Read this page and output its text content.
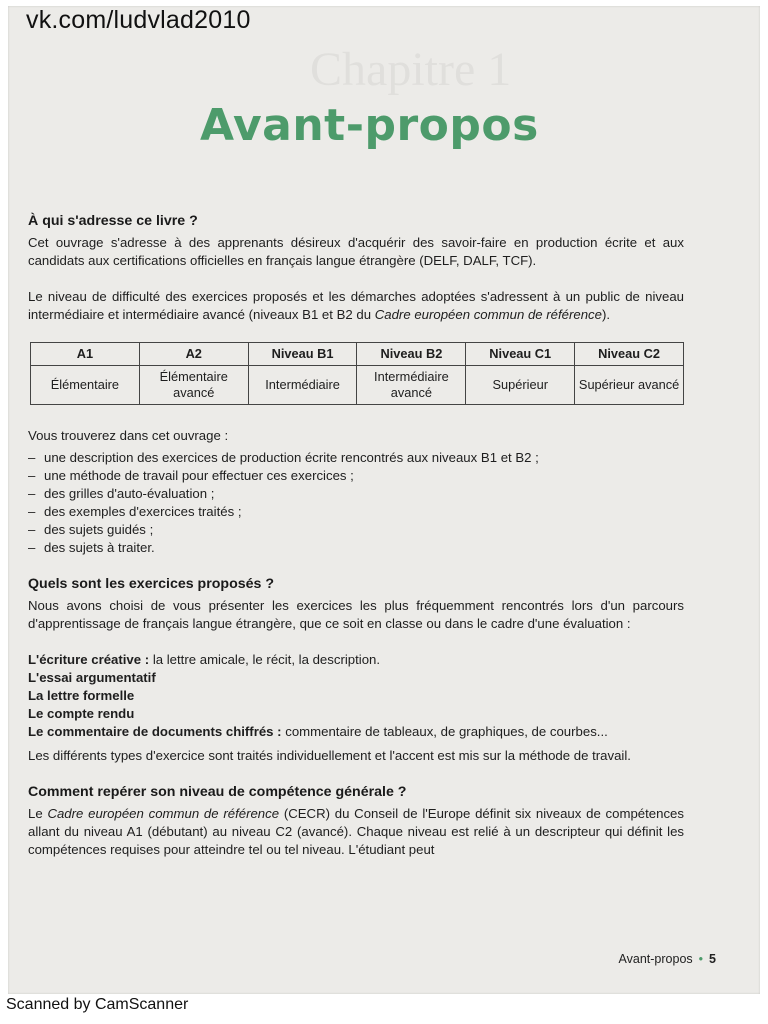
Chapitre 1
vk.com/ludvlad2010
Avant-propos
À qui s'adresse ce livre ?

Cet ouvrage s'adresse à des apprenants désireux d'acquérir des savoir-faire en production écrite et aux candidats aux certifications officielles en français langue étrangère (DELF, DALF, TCF).

Le niveau de difficulté des exercices proposés et les démarches adoptées s'adressent à un public de niveau intermédiaire et intermédiaire avancé (niveaux B1 et B2 du Cadre européen commun de référence).

A1	A2	Niveau B1	Niveau B2	Niveau C1	Niveau C2
Élémentaire	Élémentaire avancé	Intermédiaire	Intermédiaire avancé	Supérieur	Supérieur avancé

Vous trouverez dans cet ouvrage :

– une description des exercices de production écrite rencontrés aux niveaux B1 et B2 ;
– une méthode de travail pour effectuer ces exercices ;
– des grilles d'auto-évaluation ;
– des exemples d'exercices traités ;
– des sujets guidés ;
– des sujets à traiter.
Quels sont les exercices proposés ?

Nous avons choisi de vous présenter les exercices les plus fréquemment rencontrés lors d'un parcours d'apprentissage de français langue étrangère, que ce soit en classe ou dans le cadre d'une évaluation :

L'écriture créative : la lettre amicale, le récit, la description.
L'essai argumentatif
La lettre formelle
Le compte rendu
Le commentaire de documents chiffrés : commentaire de tableaux, de graphiques, de courbes...

Les différents types d'exercice sont traités individuellement et l'accent est mis sur la méthode de travail.

Comment repérer son niveau de compétence générale ?

Le Cadre européen commun de référence (CECR) du Conseil de l'Europe définit six niveaux de compétences allant du niveau A1 (débutant) au niveau C2 (avancé). Chaque niveau est relié à un descripteur qui définit les compétences requises pour atteindre tel ou tel niveau. L'étudiant peut

Avant-propos • 5
Scanned by CamScanner
